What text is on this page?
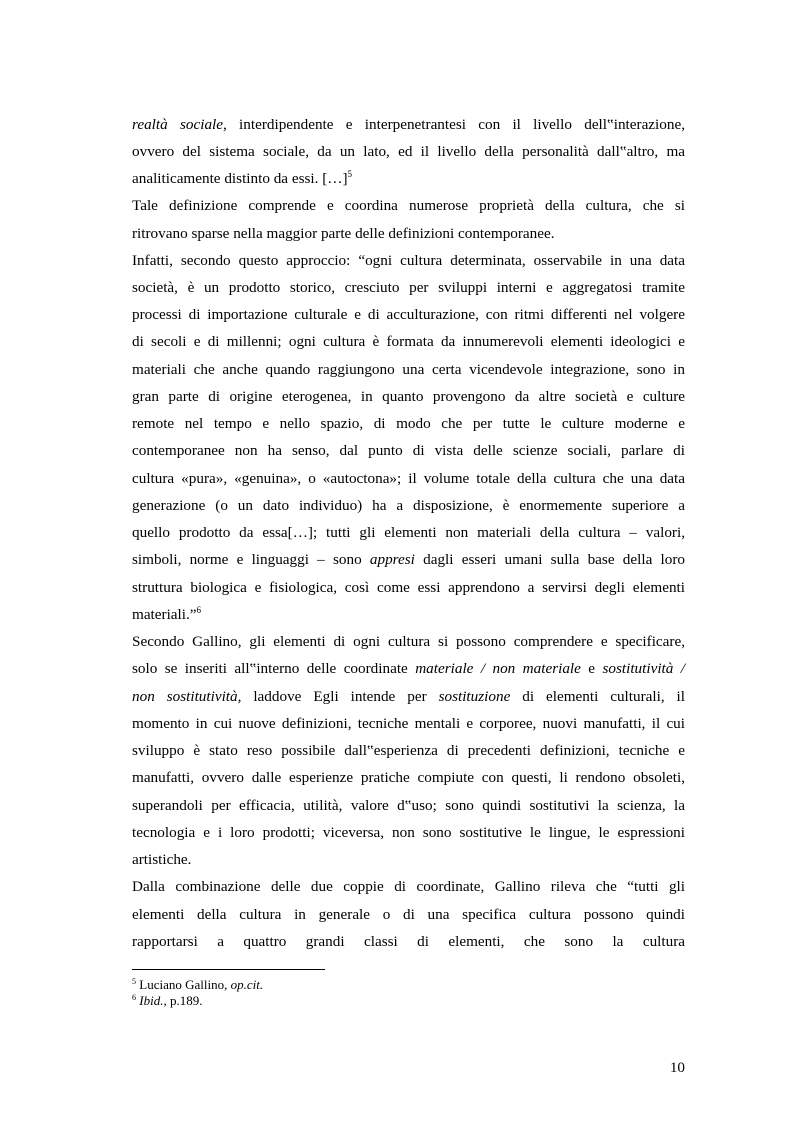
realtà sociale, interdipendente e interpenetrantesi con il livello dell‟interazione,
ovvero del sistema sociale, da un lato, ed il livello della personalità dall‟altro, ma
analiticamente distinto da essi. […]$^5$
Tale definizione comprende e coordina numerose proprietà della cultura, che si
ritrovano sparse nella maggior parte delle definizioni contemporanee.
Infatti, secondo questo approccio: “ogni cultura determinata, osservabile in una data
società, è un prodotto storico, cresciuto per sviluppi interni e aggregatosi tramite
processi di importazione culturale e di acculturazione, con ritmi differenti nel volgere
di secoli e di millenni; ogni cultura è formata da innumerevoli elementi ideologici e
materiali che anche quando raggiungono una certa vicendevole integrazione, sono in
gran parte di origine eterogenea, in quanto provengono da altre società e culture
remote nel tempo e nello spazio, di modo che per tutte le culture moderne e
contemporanee non ha senso, dal punto di vista delle scienze sociali, parlare di
cultura «pura», «genuina», o «autoctona»; il volume totale della cultura che una data
generazione (o un dato individuo) ha a disposizione, è enormemente superiore a
quello prodotto da essa[…]; tutti gli elementi non materiali della cultura – valori,
simboli, norme e linguaggi – sono appresi dagli esseri umani sulla base della loro
struttura biologica e fisiologica, così come essi apprendono a servirsi degli elementi
materiali.”$^6$
Secondo Gallino, gli elementi di ogni cultura si possono comprendere e specificare,
solo se inseriti all‟interno delle coordinate materiale / non materiale e sostitutività /
non sostitutività, laddove Egli intende per sostituzione di elementi culturali, il
momento in cui nuove definizioni, tecniche mentali e corporee, nuovi manufatti, il cui
sviluppo è stato reso possibile dall‟esperienza di precedenti definizioni, tecniche e
manufatti, ovvero dalle esperienze pratiche compiute con questi, li rendono obsoleti,
superandoli per efficacia, utilità, valore d‟uso; sono quindi sostitutivi la scienza, la
tecnologia e i loro prodotti; viceversa, non sono sostitutive le lingue, le espressioni
artistiche.
Dalla combinazione delle due coppie di coordinate, Gallino rileva che “tutti gli
elementi della cultura in generale o di una specifica cultura possono quindi
rapportarsi a quattro grandi classi di elementi, che sono la cultura
$^5$ Luciano Gallino, op.cit.
$^6$ Ibid., p.189.
10
